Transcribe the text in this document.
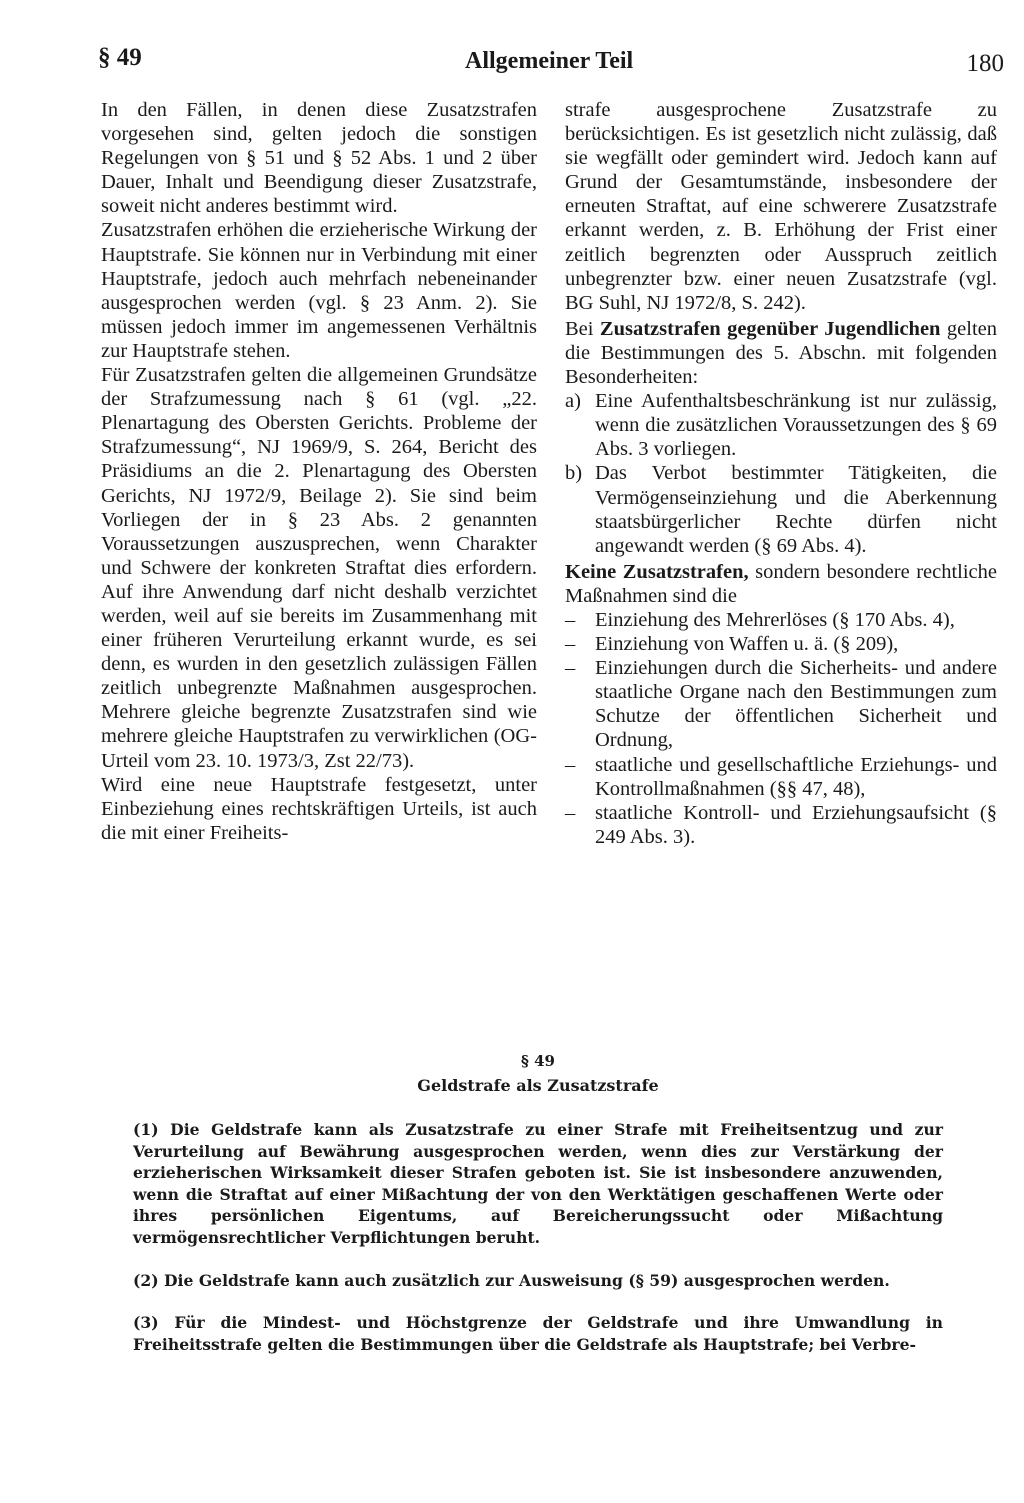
§ 49	Allgemeiner Teil	180

In den Fällen, in denen diese Zusatzstrafen vorgesehen sind, gelten jedoch die sonstigen Regelungen von § 51 und § 52 Abs. 1 und 2 über Dauer, Inhalt und Beendigung dieser Zusatzstrafe, soweit nicht anderes bestimmt wird.

Zusatzstrafen erhöhen die erzieherische Wirkung der Hauptstrafe. Sie können nur in Verbindung mit einer Hauptstrafe, jedoch auch mehrfach nebeneinander ausgesprochen werden (vgl. § 23 Anm. 2). Sie müssen jedoch immer im angemessenen Verhältnis zur Hauptstrafe stehen.

Für Zusatzstrafen gelten die allgemeinen Grundsätze der Strafzumessung nach § 61 (vgl. „22. Plenartagung des Obersten Gerichts. Probleme der Strafzumessung“, NJ 1969/9, S. 264, Bericht des Präsidiums an die 2. Plenartagung des Obersten Gerichts, NJ 1972/9, Beilage 2). Sie sind beim Vorliegen der in § 23 Abs. 2 genannten Voraussetzungen auszusprechen, wenn Charakter und Schwere der konkreten Straftat dies erfordern. Auf ihre Anwendung darf nicht deshalb verzichtet werden, weil auf sie bereits im Zusammenhang mit einer früheren Verurteilung erkannt wurde, es sei denn, es wurden in den gesetzlich zulässigen Fällen zeitlich unbegrenzte Maßnahmen ausgesprochen. Mehrere gleiche begrenzte Zusatzstrafen sind wie mehrere gleiche Hauptstrafen zu verwirklichen (OG-Urteil vom 23. 10. 1973/3, Zst 22/73).

Wird eine neue Hauptstrafe festgesetzt, unter Einbeziehung eines rechtskräftigen Urteils, ist auch die mit einer Freiheits-

strafe ausgesprochene Zusatzstrafe zu berücksichtigen. Es ist gesetzlich nicht zulässig, daß sie wegfällt oder gemindert wird. Jedoch kann auf Grund der Gesamtumstände, insbesondere der erneuten Straftat, auf eine schwerere Zusatzstrafe erkannt werden, z. B. Erhöhung der Frist einer zeitlich begrenzten oder Ausspruch zeitlich unbegrenzter bzw. einer neuen Zusatzstrafe (vgl. BG Suhl, NJ 1972/8, S. 242).

Bei Zusatzstrafen gegenüber Jugendlichen gelten die Bestimmungen des 5. Abschn. mit folgenden Besonderheiten:

a) Eine Aufenthaltsbeschränkung ist nur zulässig, wenn die zusätzlichen Voraussetzungen des § 69 Abs. 3 vorliegen.
b) Das Verbot bestimmter Tätigkeiten, die Vermögenseinziehung und die Aberkennung staatsbürgerlicher Rechte dürfen nicht angewandt werden (§ 69 Abs. 4).

Keine Zusatzstrafen, sondern besondere rechtliche Maßnahmen sind die

– Einziehung des Mehrerlöses (§ 170 Abs. 4),
– Einziehung von Waffen u. ä. (§ 209),
– Einziehungen durch die Sicherheits- und andere staatliche Organe nach den Bestimmungen zum Schutze der öffentlichen Sicherheit und Ordnung,
– staatliche und gesellschaftliche Erziehungs- und Kontrollmaßnahmen (§§ 47, 48),
– staatliche Kontroll- und Erziehungsaufsicht (§ 249 Abs. 3).
§ 49
Geldstrafe als Zusatzstrafe

(1) Die Geldstrafe kann als Zusatzstrafe zu einer Strafe mit Freiheitsentzug und zur Verurteilung auf Bewährung ausgesprochen werden, wenn dies zur Verstärkung der erzieherischen Wirksamkeit dieser Strafen geboten ist. Sie ist insbesondere anzuwenden, wenn die Straftat auf einer Mißachtung der von den Werktätigen geschaffenen Werte oder ihres persönlichen Eigentums, auf Bereicherungssucht oder Mißachtung vermögensrechtlicher Verpflichtungen beruht.

(2) Die Geldstrafe kann auch zusätzlich zur Ausweisung (§ 59) ausgesprochen werden.

(3) Für die Mindest- und Höchstgrenze der Geldstrafe und ihre Umwandlung in Freiheitsstrafe gelten die Bestimmungen über die Geldstrafe als Hauptstrafe; bei Verbre-
